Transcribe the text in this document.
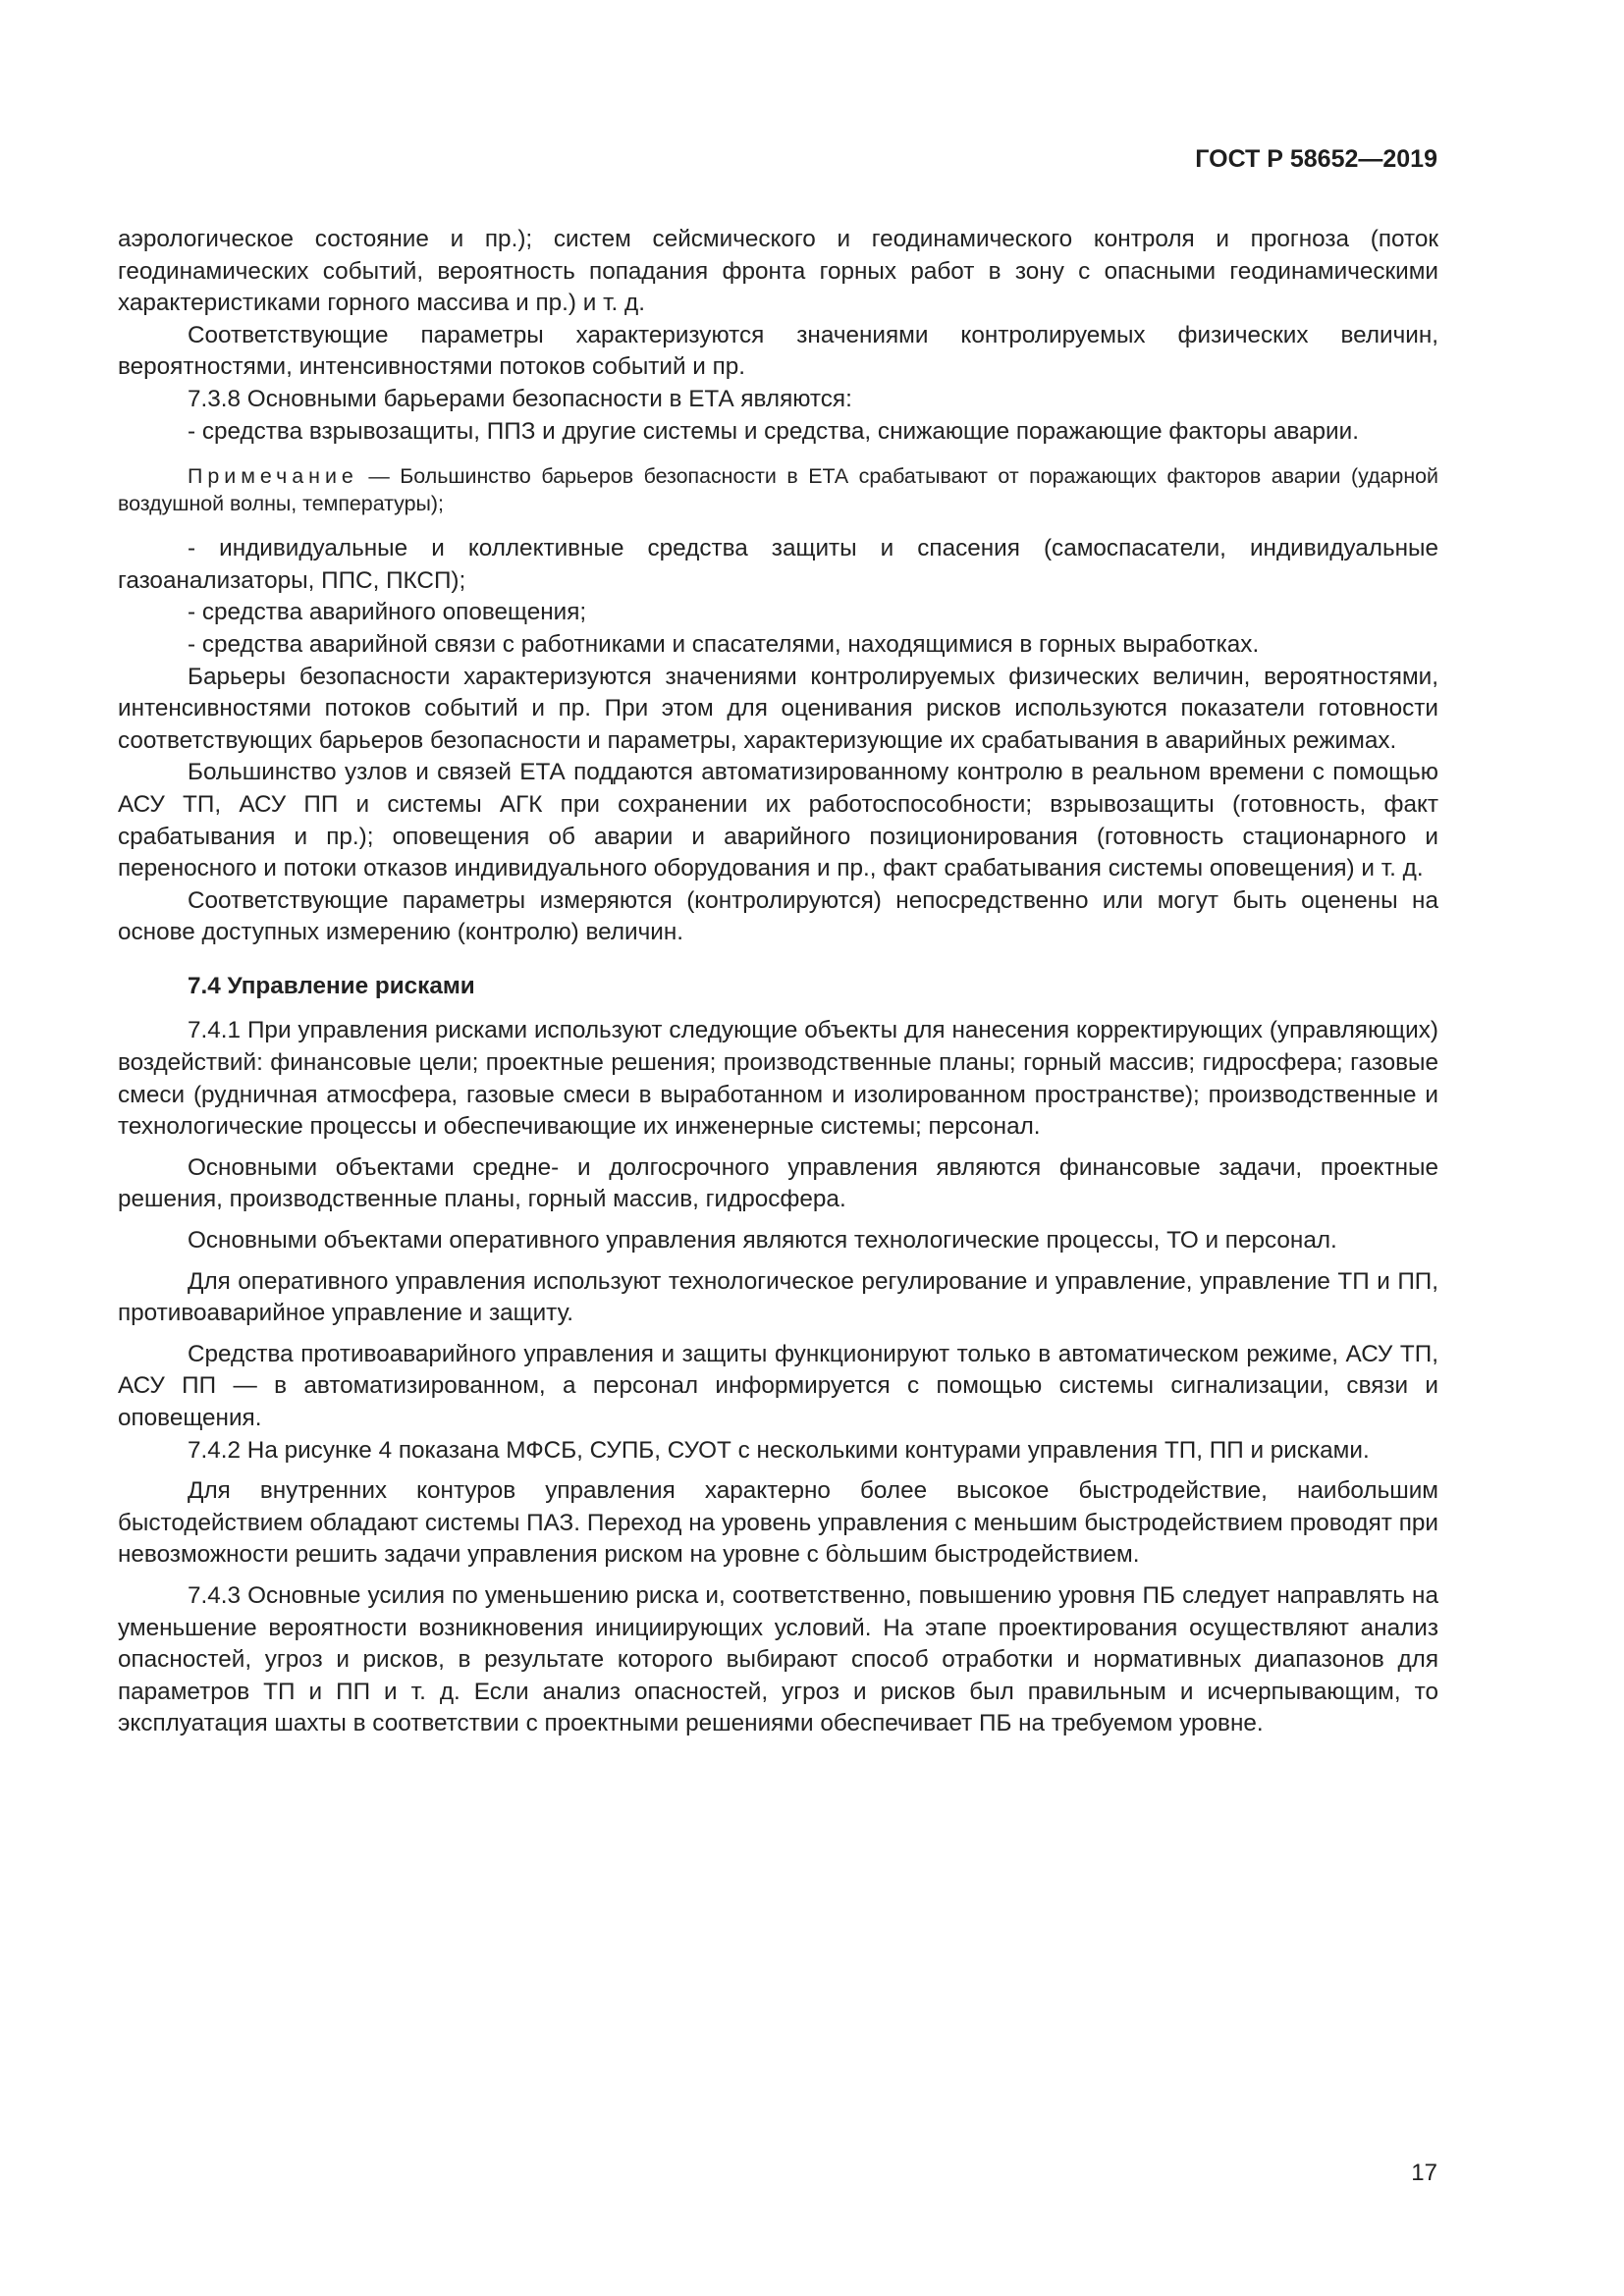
ГОСТ Р 58652—2019

аэрологическое состояние и пр.); систем сейсмического и геодинамического контроля и прогноза (поток геодинамических событий, вероятность попадания фронта горных работ в зону с опасными геодинамическими характеристиками горного массива и пр.) и т. д.

Соответствующие параметры характеризуются значениями контролируемых физических величин, вероятностями, интенсивностями потоков событий и пр.

7.3.8 Основными барьерами безопасности в ЕТА являются:

- средства взрывозащиты, ППЗ и другие системы и средства, снижающие поражающие факторы аварии.

Примечание — Большинство барьеров безопасности в ЕТА срабатывают от поражающих факторов аварии (ударной воздушной волны, температуры);

- индивидуальные и коллективные средства защиты и спасения (самоспасатели, индивидуальные газоанализаторы, ППС, ПКСП);

- средства аварийного оповещения;

- средства аварийной связи с работниками и спасателями, находящимися в горных выработках.

Барьеры безопасности характеризуются значениями контролируемых физических величин, вероятностями, интенсивностями потоков событий и пр. При этом для оценивания рисков используются показатели готовности соответствующих барьеров безопасности и параметры, характеризующие их срабатывания в аварийных режимах.

Большинство узлов и связей ЕТА поддаются автоматизированному контролю в реальном времени с помощью АСУ ТП, АСУ ПП и системы АГК при сохранении их работоспособности; взрывозащиты (готовность, факт срабатывания и пр.); оповещения об аварии и аварийного позиционирования (готовность стационарного и переносного и потоки отказов индивидуального оборудования и пр., факт срабатывания системы оповещения) и т. д.

Соответствующие параметры измеряются (контролируются) непосредственно или могут быть оценены на основе доступных измерению (контролю) величин.

7.4 Управление рисками

7.4.1 При управления рисками используют следующие объекты для нанесения корректирующих (управляющих) воздействий: финансовые цели; проектные решения; производственные планы; горный массив; гидросфера; газовые смеси (рудничная атмосфера, газовые смеси в выработанном и изолированном пространстве); производственные и технологические процессы и обеспечивающие их инженерные системы; персонал.

Основными объектами средне- и долгосрочного управления являются финансовые задачи, проектные решения, производственные планы, горный массив, гидросфера.

Основными объектами оперативного управления являются технологические процессы, ТО и персонал.

Для оперативного управления используют технологическое регулирование и управление, управление ТП и ПП, противоаварийное управление и защиту.

Средства противоаварийного управления и защиты функционируют только в автоматическом режиме, АСУ ТП, АСУ ПП — в автоматизированном, а персонал информируется с помощью системы сигнализации, связи и оповещения.

7.4.2 На рисунке 4 показана МФСБ, СУПБ, СУОТ с несколькими контурами управления ТП, ПП и рисками.

Для внутренних контуров управления характерно более высокое быстродействие, наибольшим быстодействием обладают системы ПАЗ. Переход на уровень управления с меньшим быстродействием проводят при невозможности решить задачи управления риском на уровне с бо̀льшим быстродействием.

7.4.3 Основные усилия по уменьшению риска и, соответственно, повышению уровня ПБ следует направлять на уменьшение вероятности возникновения инициирующих условий. На этапе проектирования осуществляют анализ опасностей, угроз и рисков, в результате которого выбирают способ отработки и нормативных диапазонов для параметров ТП и ПП и т. д. Если анализ опасностей, угроз и рисков был правильным и исчерпывающим, то эксплуатация шахты в соответствии с проектными решениями обеспечивает ПБ на требуемом уровне.

17
